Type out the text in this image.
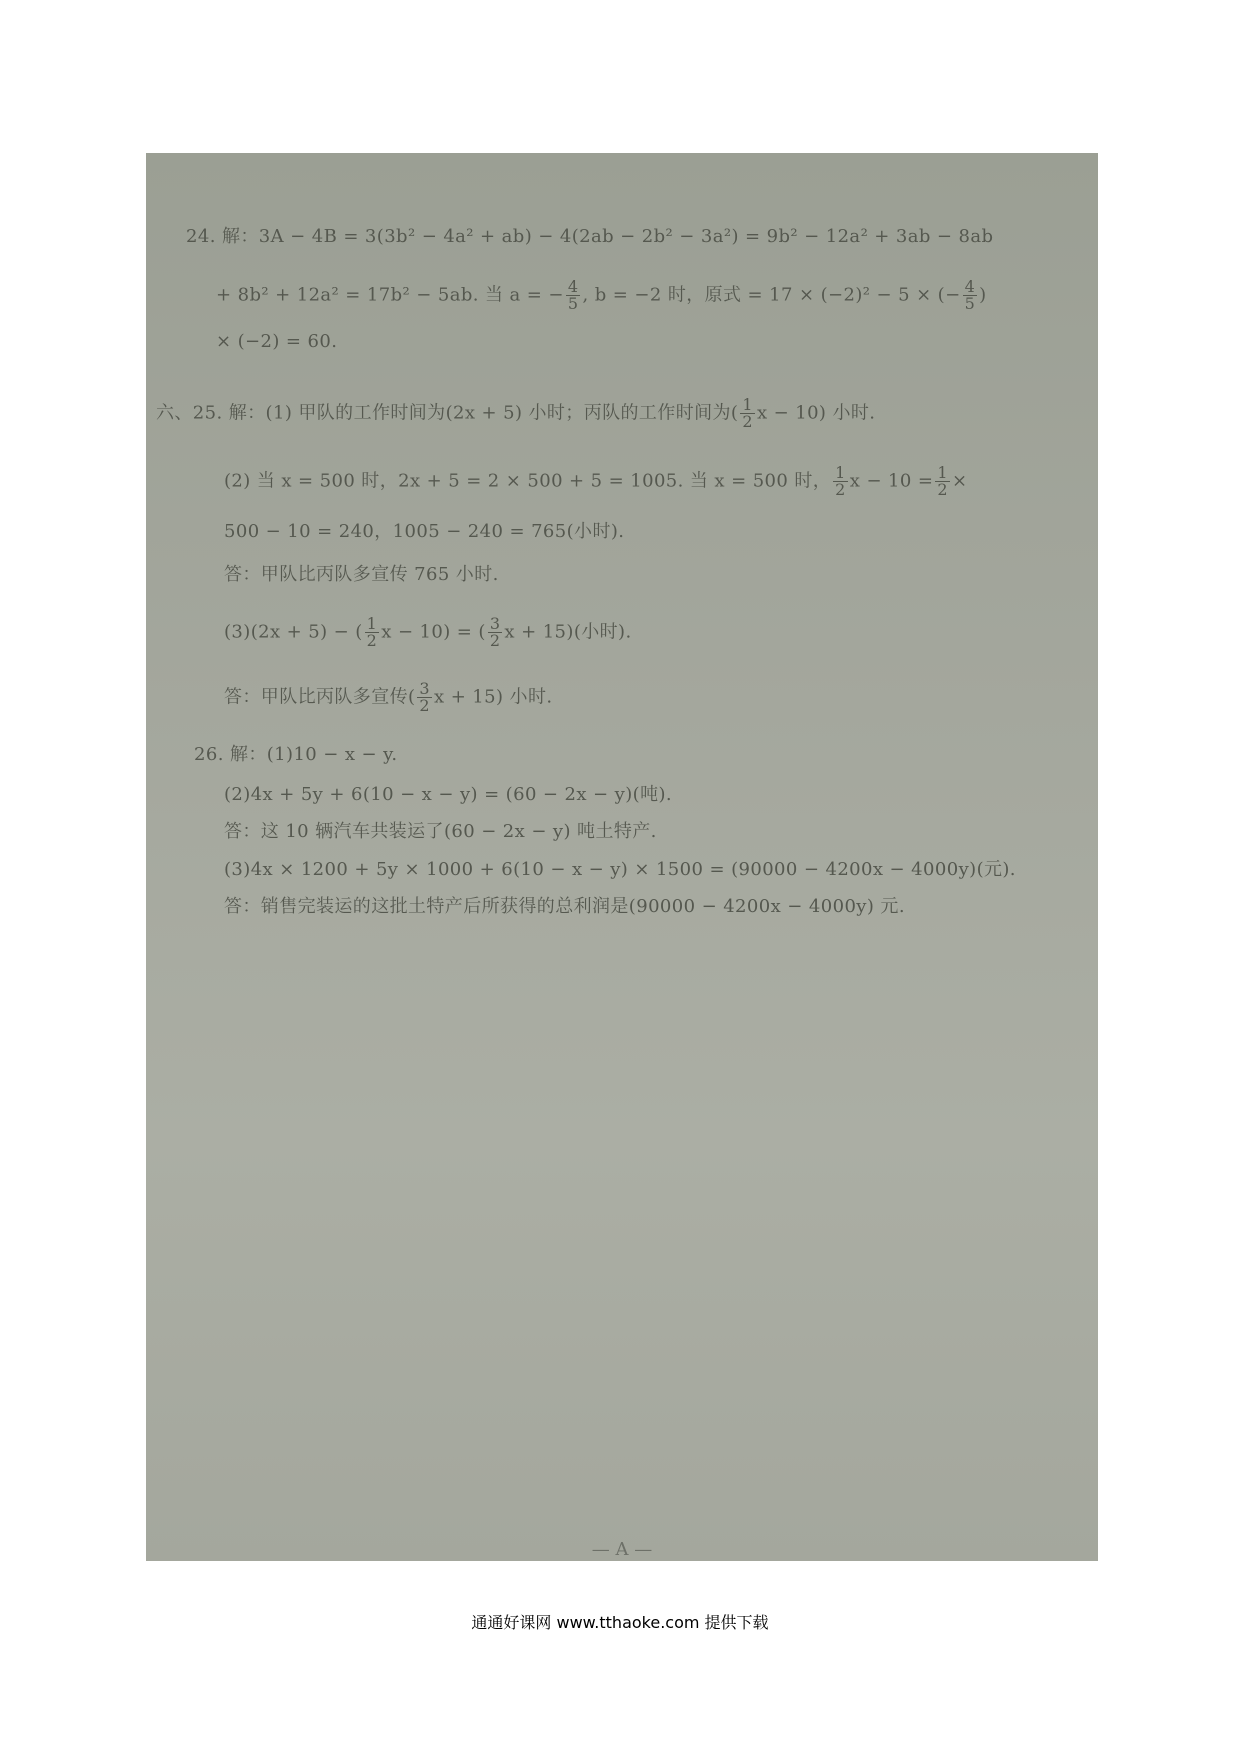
24. 解：3A − 4B = 3(3b² − 4a² + ab) − 4(2ab − 2b² − 3a²) = 9b² − 12a² + 3ab − 8ab
+ 8b² + 12a² = 17b² − 5ab. 当 a = − $\frac{4}{5}$ , b = −2 时，原式 = 17 × (−2)² − 5 × (− $\frac{4}{5}$ )
× (−2) = 60.
六、25. 解：(1) 甲队的工作时间为(2x + 5) 小时；丙队的工作时间为( $\frac{1}{2}$ x − 10) 小时.
(2) 当 x = 500 时，2x + 5 = 2 × 500 + 5 = 1005. 当 x = 500 时， $\frac{1}{2}$ $x - 10 = \frac{1}{2}$ ×
500 − 10 = 240，1005 − 240 = 765(小时).
答：甲队比丙队多宣传 765 小时.
(3)(2x + 5) − ( $\frac{1}{2}$ x − 10) = ( $\frac{3}{2}$ x + 15)(小时).
答：甲队比丙队多宣传( $\frac{3}{2}$ x + 15) 小时.
26. 解：(1)10 − x − y.
(2)4x + 5y + 6(10 − x − y) = (60 − 2x − y)(吨).
答：这 10 辆汽车共装运了(60 − 2x − y) 吨土特产.
(3)4x × 1200 + 5y × 1000 + 6(10 − x − y) × 1500 = (90000 − 4200x − 4000y)(元).
答：销售完装运的这批土特产后所获得的总利润是(90000 − 4200x − 4000y) 元.
— A —
通通好课网 www.tthaoke.com 提供下载
